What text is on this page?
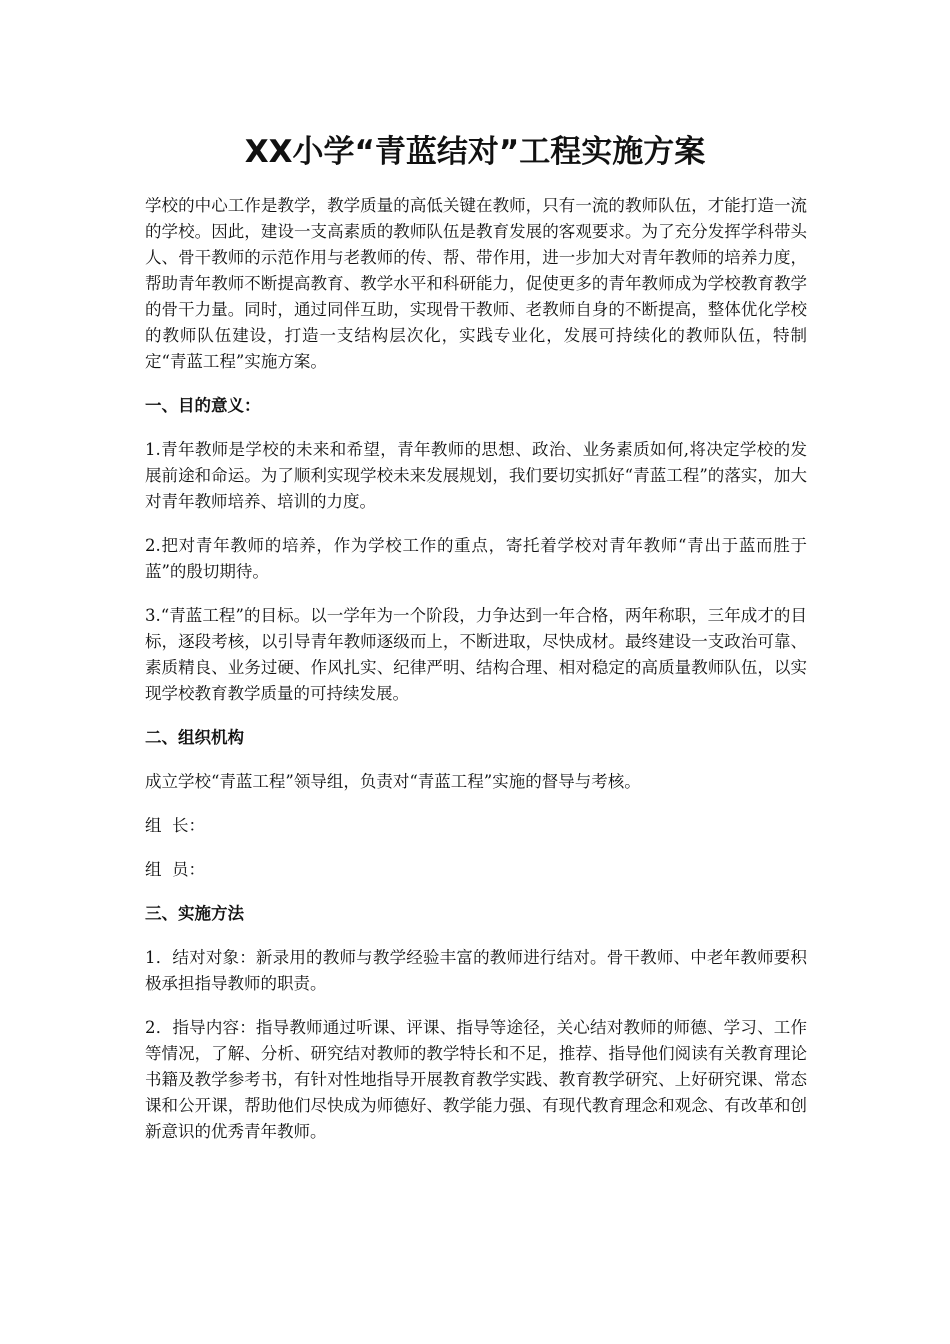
XX小学“青蓝结对”工程实施方案

学校的中心工作是教学，教学质量的高低关键在教师，只有一流的教师队伍，才能打造一流的学校。因此，建设一支高素质的教师队伍是教育发展的客观要求。为了充分发挥学科带头人、骨干教师的示范作用与老教师的传、帮、带作用，进一步加大对青年教师的培养力度，帮助青年教师不断提高教育、教学水平和科研能力，促使更多的青年教师成为学校教育教学的骨干力量。同时，通过同伴互助，实现骨干教师、老教师自身的不断提高，整体优化学校的教师队伍建设，打造一支结构层次化，实践专业化，发展可持续化的教师队伍，特制定“青蓝工程”实施方案。

一、目的意义：

1.青年教师是学校的未来和希望，青年教师的思想、政治、业务素质如何,将决定学校的发展前途和命运。为了顺利实现学校未来发展规划，我们要切实抓好“青蓝工程”的落实，加大对青年教师培养、培训的力度。

2.把对青年教师的培养，作为学校工作的重点，寄托着学校对青年教师“青出于蓝而胜于蓝”的殷切期待。

3.“青蓝工程”的目标。以一学年为一个阶段，力争达到一年合格，两年称职，三年成才的目标，逐段考核，以引导青年教师逐级而上，不断进取，尽快成材。最终建设一支政治可靠、素质精良、业务过硬、作风扎实、纪律严明、结构合理、相对稳定的高质量教师队伍，以实现学校教育教学质量的可持续发展。

二、组织机构

成立学校“青蓝工程”领导组，负责对“青蓝工程”实施的督导与考核。

组  长：

组  员：

三、实施方法

1．结对对象：新录用的教师与教学经验丰富的教师进行结对。骨干教师、中老年教师要积极承担指导教师的职责。

2．指导内容：指导教师通过听课、评课、指导等途径，关心结对教师的师德、学习、工作等情况，了解、分析、研究结对教师的教学特长和不足，推荐、指导他们阅读有关教育理论书籍及教学参考书，有针对性地指导开展教育教学实践、教育教学研究、上好研究课、常态课和公开课，帮助他们尽快成为师德好、教学能力强、有现代教育理念和观念、有改革和创新意识的优秀青年教师。
